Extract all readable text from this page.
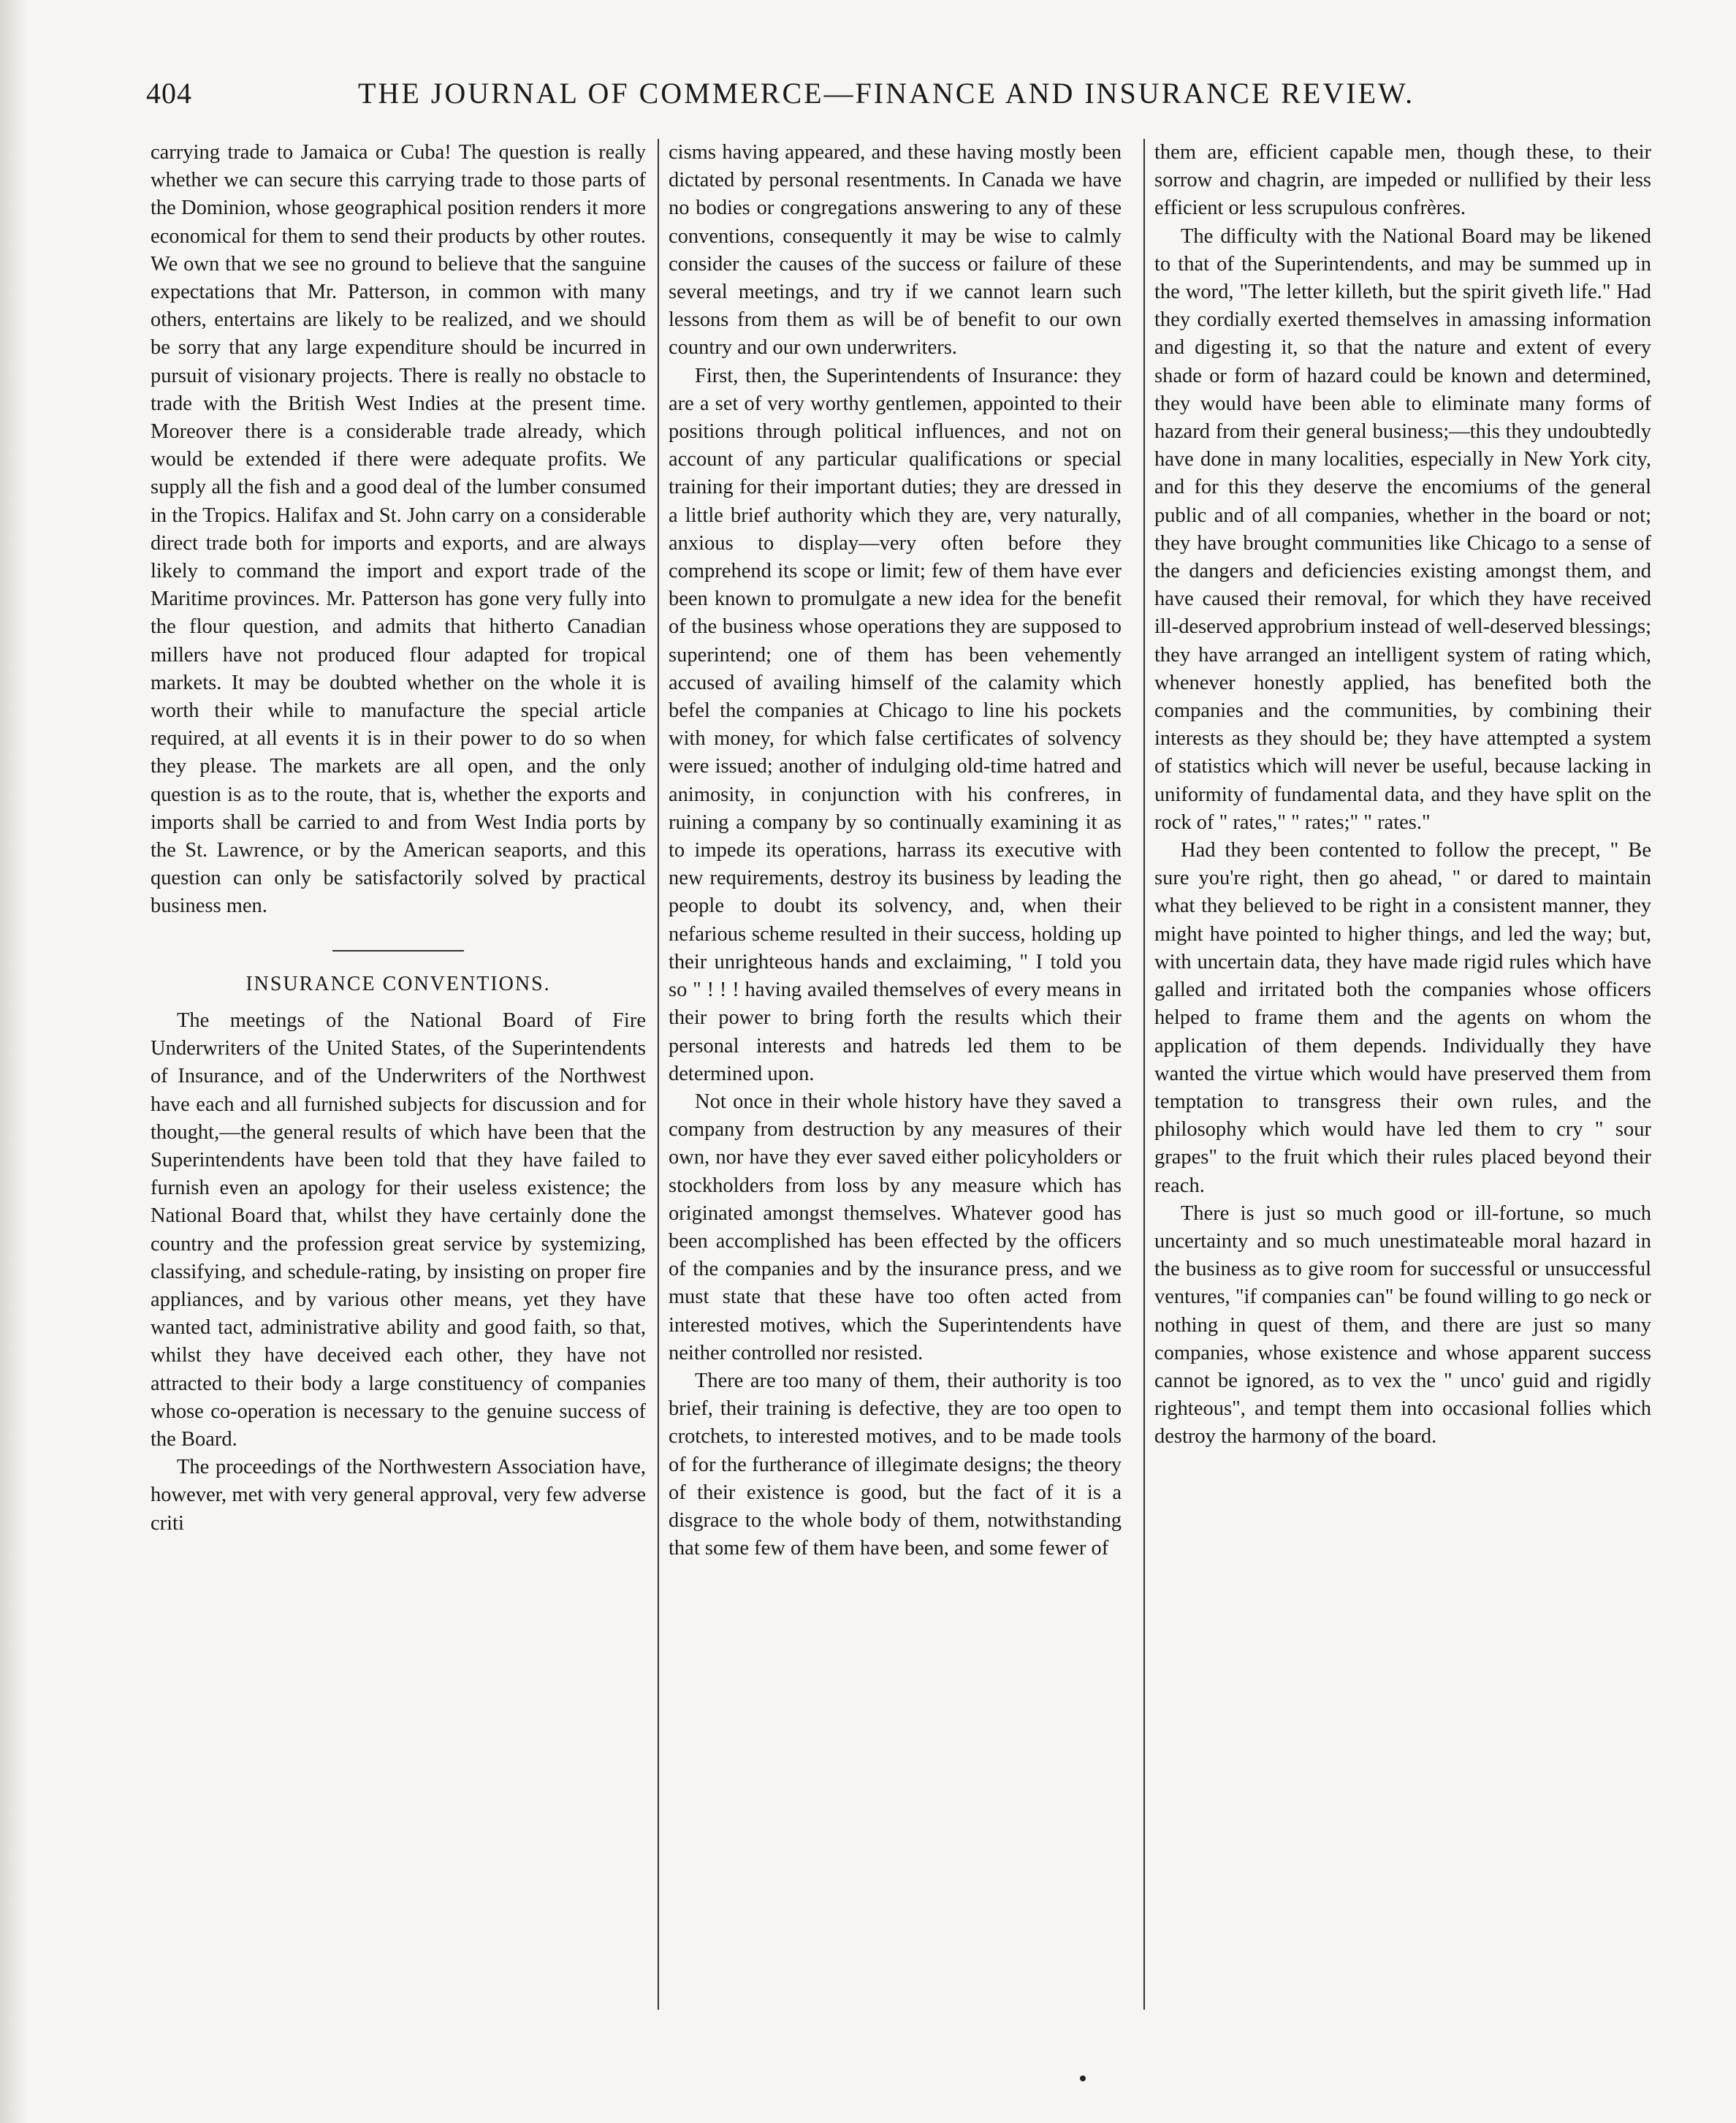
404	THE JOURNAL OF COMMERCE—FINANCE AND INSURANCE REVIEW.

carrying trade to Jamaica or Cuba! The question is really whether we can secure this carrying trade to those parts of the Dominion, whose geographical position renders it more economical for them to send their products by other routes. We own that we see no ground to believe that the sanguine expectations that Mr. Patterson, in common with many others, entertains are likely to be realized, and we should be sorry that any large expenditure should be incurred in pursuit of visionary projects. There is really no obstacle to trade with the British West Indies at the present time. Moreover there is a considerable trade already, which would be extended if there were adequate profits. We supply all the fish and a good deal of the lumber consumed in the Tropics. Halifax and St. John carry on a considerable direct trade both for imports and exports, and are always likely to command the import and export trade of the Maritime provinces. Mr. Patterson has gone very fully into the flour question, and admits that hitherto Canadian millers have not produced flour adapted for tropical markets. It may be doubted whether on the whole it is worth their while to manufacture the special article required, at all events it is in their power to do so when they please. The markets are all open, and the only question is as to the route, that is, whether the exports and imports shall be carried to and from West India ports by the St. Lawrence, or by the American seaports, and this question can only be satisfactorily solved by practical business men.

INSURANCE CONVENTIONS.

The meetings of the National Board of Fire Underwriters of the United States, of the Superintendents of Insurance, and of the Underwriters of the Northwest have each and all furnished subjects for discussion and for thought,—the general results of which have been that the Superintendents have been told that they have failed to furnish even an apology for their useless existence; the National Board that, whilst they have certainly done the country and the profession great service by systemizing, classifying, and schedule-rating, by insisting on proper fire appliances, and by various other means, yet they have wanted tact, administrative ability and good faith, so that, whilst they have deceived each other, they have not attracted to their body a large constituency of companies whose co-operation is necessary to the genuine success of the Board.

The proceedings of the Northwestern Association have, however, met with very general approval, very few adverse criti

cisms having appeared, and these having mostly been dictated by personal resentments. In Canada we have no bodies or congregations answering to any of these conventions, consequently it may be wise to calmly consider the causes of the success or failure of these several meetings, and try if we cannot learn such lessons from them as will be of benefit to our own country and our own underwriters.

First, then, the Superintendents of Insurance: they are a set of very worthy gentlemen, appointed to their positions through political influences, and not on account of any particular qualifications or special training for their important duties; they are dressed in a little brief authority which they are, very naturally, anxious to display—very often before they comprehend its scope or limit; few of them have ever been known to promulgate a new idea for the benefit of the business whose operations they are supposed to superintend; one of them has been vehemently accused of availing himself of the calamity which befel the companies at Chicago to line his pockets with money, for which false certificates of solvency were issued; another of indulging old-time hatred and animosity, in conjunction with his confreres, in ruining a company by so continually examining it as to impede its operations, harrass its executive with new requirements, destroy its business by leading the people to doubt its solvency, and, when their nefarious scheme resulted in their success, holding up their unrighteous hands and exclaiming, " I told you so " ! ! ! having availed themselves of every means in their power to bring forth the results which their personal interests and hatreds led them to be determined upon.

Not once in their whole history have they saved a company from destruction by any measures of their own, nor have they ever saved either policyholders or stockholders from loss by any measure which has originated amongst themselves. Whatever good has been accomplished has been effected by the officers of the companies and by the insurance press, and we must state that these have too often acted from interested motives, which the Superintendents have neither controlled nor resisted.

There are too many of them, their authority is too brief, their training is defective, they are too open to crotchets, to interested motives, and to be made tools of for the furtherance of illegimate designs; the theory of their existence is good, but the fact of it is a disgrace to the whole body of them, notwithstanding that some few of them have been, and some fewer of

them are, efficient capable men, though these, to their sorrow and chagrin, are impeded or nullified by their less efficient or less scrupulous confrères.

The difficulty with the National Board may be likened to that of the Superintendents, and may be summed up in the word, "The letter killeth, but the spirit giveth life." Had they cordially exerted themselves in amassing information and digesting it, so that the nature and extent of every shade or form of hazard could be known and determined, they would have been able to eliminate many forms of hazard from their general business;—this they undoubtedly have done in many localities, especially in New York city, and for this they deserve the encomiums of the general public and of all companies, whether in the board or not; they have brought communities like Chicago to a sense of the dangers and deficiencies existing amongst them, and have caused their removal, for which they have received ill-deserved approbrium instead of well-deserved blessings; they have arranged an intelligent system of rating which, whenever honestly applied, has benefited both the companies and the communities, by combining their interests as they should be; they have attempted a system of statistics which will never be useful, because lacking in uniformity of fundamental data, and they have split on the rock of " rates," " rates;" " rates."

Had they been contented to follow the precept, " Be sure you're right, then go ahead, " or dared to maintain what they believed to be right in a consistent manner, they might have pointed to higher things, and led the way; but, with uncertain data, they have made rigid rules which have galled and irritated both the companies whose officers helped to frame them and the agents on whom the application of them depends. Individually they have wanted the virtue which would have preserved them from temptation to transgress their own rules, and the philosophy which would have led them to cry " sour grapes" to the fruit which their rules placed beyond their reach.

There is just so much good or ill-fortune, so much uncertainty and so much unestimateable moral hazard in the business as to give room for successful or unsuccessful ventures, "if companies can" be found willing to go neck or nothing in quest of them, and there are just so many companies, whose existence and whose apparent success cannot be ignored, as to vex the " unco' guid and rigidly righteous", and tempt them into occasional follies which destroy the harmony of the board.
